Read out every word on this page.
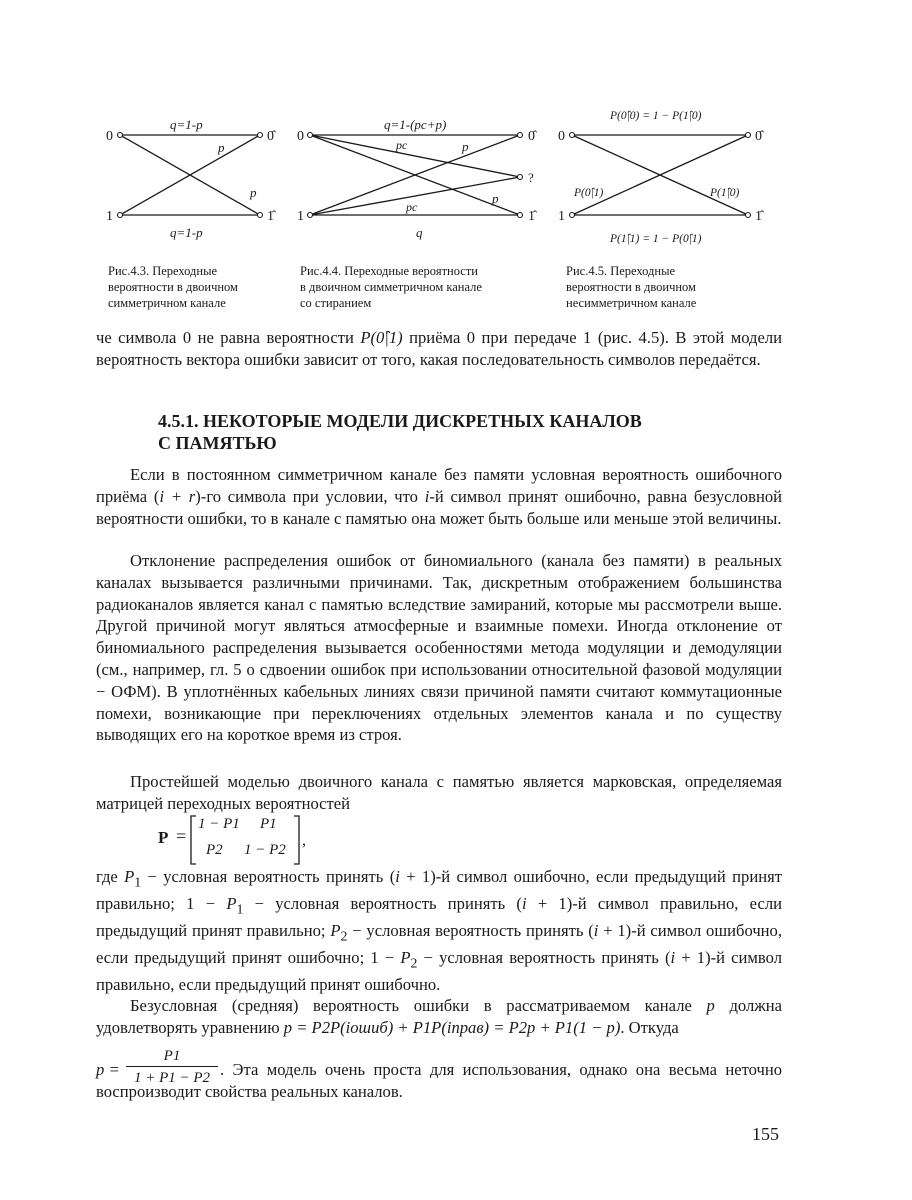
0
1
0̂
1̂
q=1-p
q=1-p
p
p
0
1
0̂
?
1̂
q=1-(pc+p)
q
pc
pc
p
p
0
1
0̂
1̂
P(0̂|0) = 1 − P(1̂|0)
P(1̂|1) = 1 − P(0̂|1)
P(0̂|1)	P(1̂|0)
Рис.4.3. Переходные
вероятности в двоичном
симметричном канале
Рис.4.4. Переходные вероятности
в двоичном симметричном канале
со стиранием
Рис.4.5. Переходные
вероятности в двоичном
несимметричном канале

че символа 0 не равна вероятности P(0̂|1) приёма 0 при передаче 1 (рис. 4.5). В этой модели вероятность вектора ошибки зависит от того, какая последовательность символов передаётся.

4.5.1. НЕКОТОРЫЕ МОДЕЛИ ДИСКРЕТНЫХ КАНАЛОВ
С ПАМЯТЬЮ

Если в постоянном симметричном канале без памяти условная вероятность ошибочного приёма (i + r)-го символа при условии, что i-й символ принят ошибочно, равна безусловной вероятности ошибки, то в канале с памятью она может быть больше или меньше этой величины.

Отклонение распределения ошибок от биномиального (канала без памяти) в реальных каналах вызывается различными причинами. Так, дискретным отображением большинства радиоканалов является канал с памятью вследствие замираний, которые мы рассмотрели выше. Другой причиной могут являться атмосферные и взаимные помехи. Иногда отклонение от биномиального распределения вызывается особенностями метода модуляции и демодуляции (см., например, гл. 5 о сдвоении ошибок при использовании относительной фазовой модуляции − ОФМ). В уплотнённых кабельных линиях связи причиной памяти считают коммутационные помехи, возникающие при переключениях отдельных элементов канала и по существу выводящих его на короткое время из строя.

Простейшей моделью двоичного канала с памятью является марковская, определяемая матрицей переходных вероятностей

P =
1 − P1 P1
P2 1 − P2
,

где $P_1$ − условная вероятность принять (i + 1)-й символ ошибочно, если предыдущий принят правильно; $1 - P_1$ − условная вероятность принять (i + 1)-й символ правильно, если предыдущий принят правильно; $P_2$ − условная вероятность принять (i + 1)-й символ ошибочно, если предыдущий принят ошибочно; $1 - P_2$ − условная вероятность принять (i + 1)-й символ правильно, если предыдущий принят ошибочно.

Безусловная (средняя) вероятность ошибки в рассматриваемом канале p должна удовлетворять уравнению p = P2P(iошиб) + P1P(iправ) = P2p + P1(1 − p). Откуда

$p = \frac{P1}{1 + P1 - P2}$ . Эта модель очень проста для использования, однако она весьма неточно воспроизводит свойства реальных каналов.

155
